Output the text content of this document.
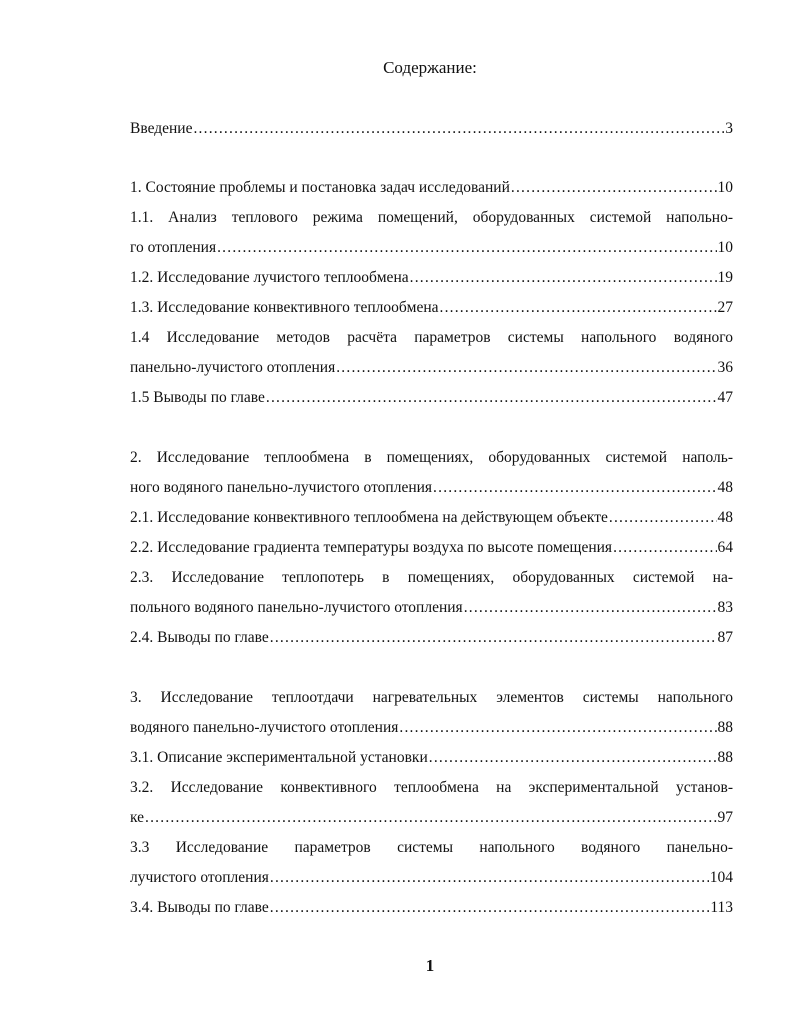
Содержание:
Введение .....	3
1. Состояние проблемы и постановка задач исследований .....	10
1.1. Анализ теплового режима помещений, оборудованных системой напольно-
го отопления .....	10
1.2. Исследование лучистого теплообмена .....	19
1.3. Исследование конвективного теплообмена .....	27
1.4 Исследование методов расчёта параметров системы напольного водяного
панельно-лучистого отопления .....	36
1.5 Выводы по главе .....	47
2. Исследование теплообмена в помещениях, оборудованных системой наполь-
ного водяного панельно-лучистого отопления .....	48
2.1. Исследование конвективного теплообмена на действующем объекте .....	48
2.2. Исследование градиента температуры воздуха по высоте помещения .....	64
2.3. Исследование теплопотерь в помещениях, оборудованных системой на-
польного водяного панельно-лучистого отопления .....	83
2.4. Выводы по главе .....	87
3. Исследование теплоотдачи нагревательных элементов системы напольного
водяного панельно-лучистого отопления .....	88
3.1. Описание экспериментальной установки .....	88
3.2. Исследование конвективного теплообмена на экспериментальной установ-
ке .....	97
3.3 Исследование параметров системы напольного водяного панельно-
лучистого отопления .....	104
3.4. Выводы по главе .....	113
1
